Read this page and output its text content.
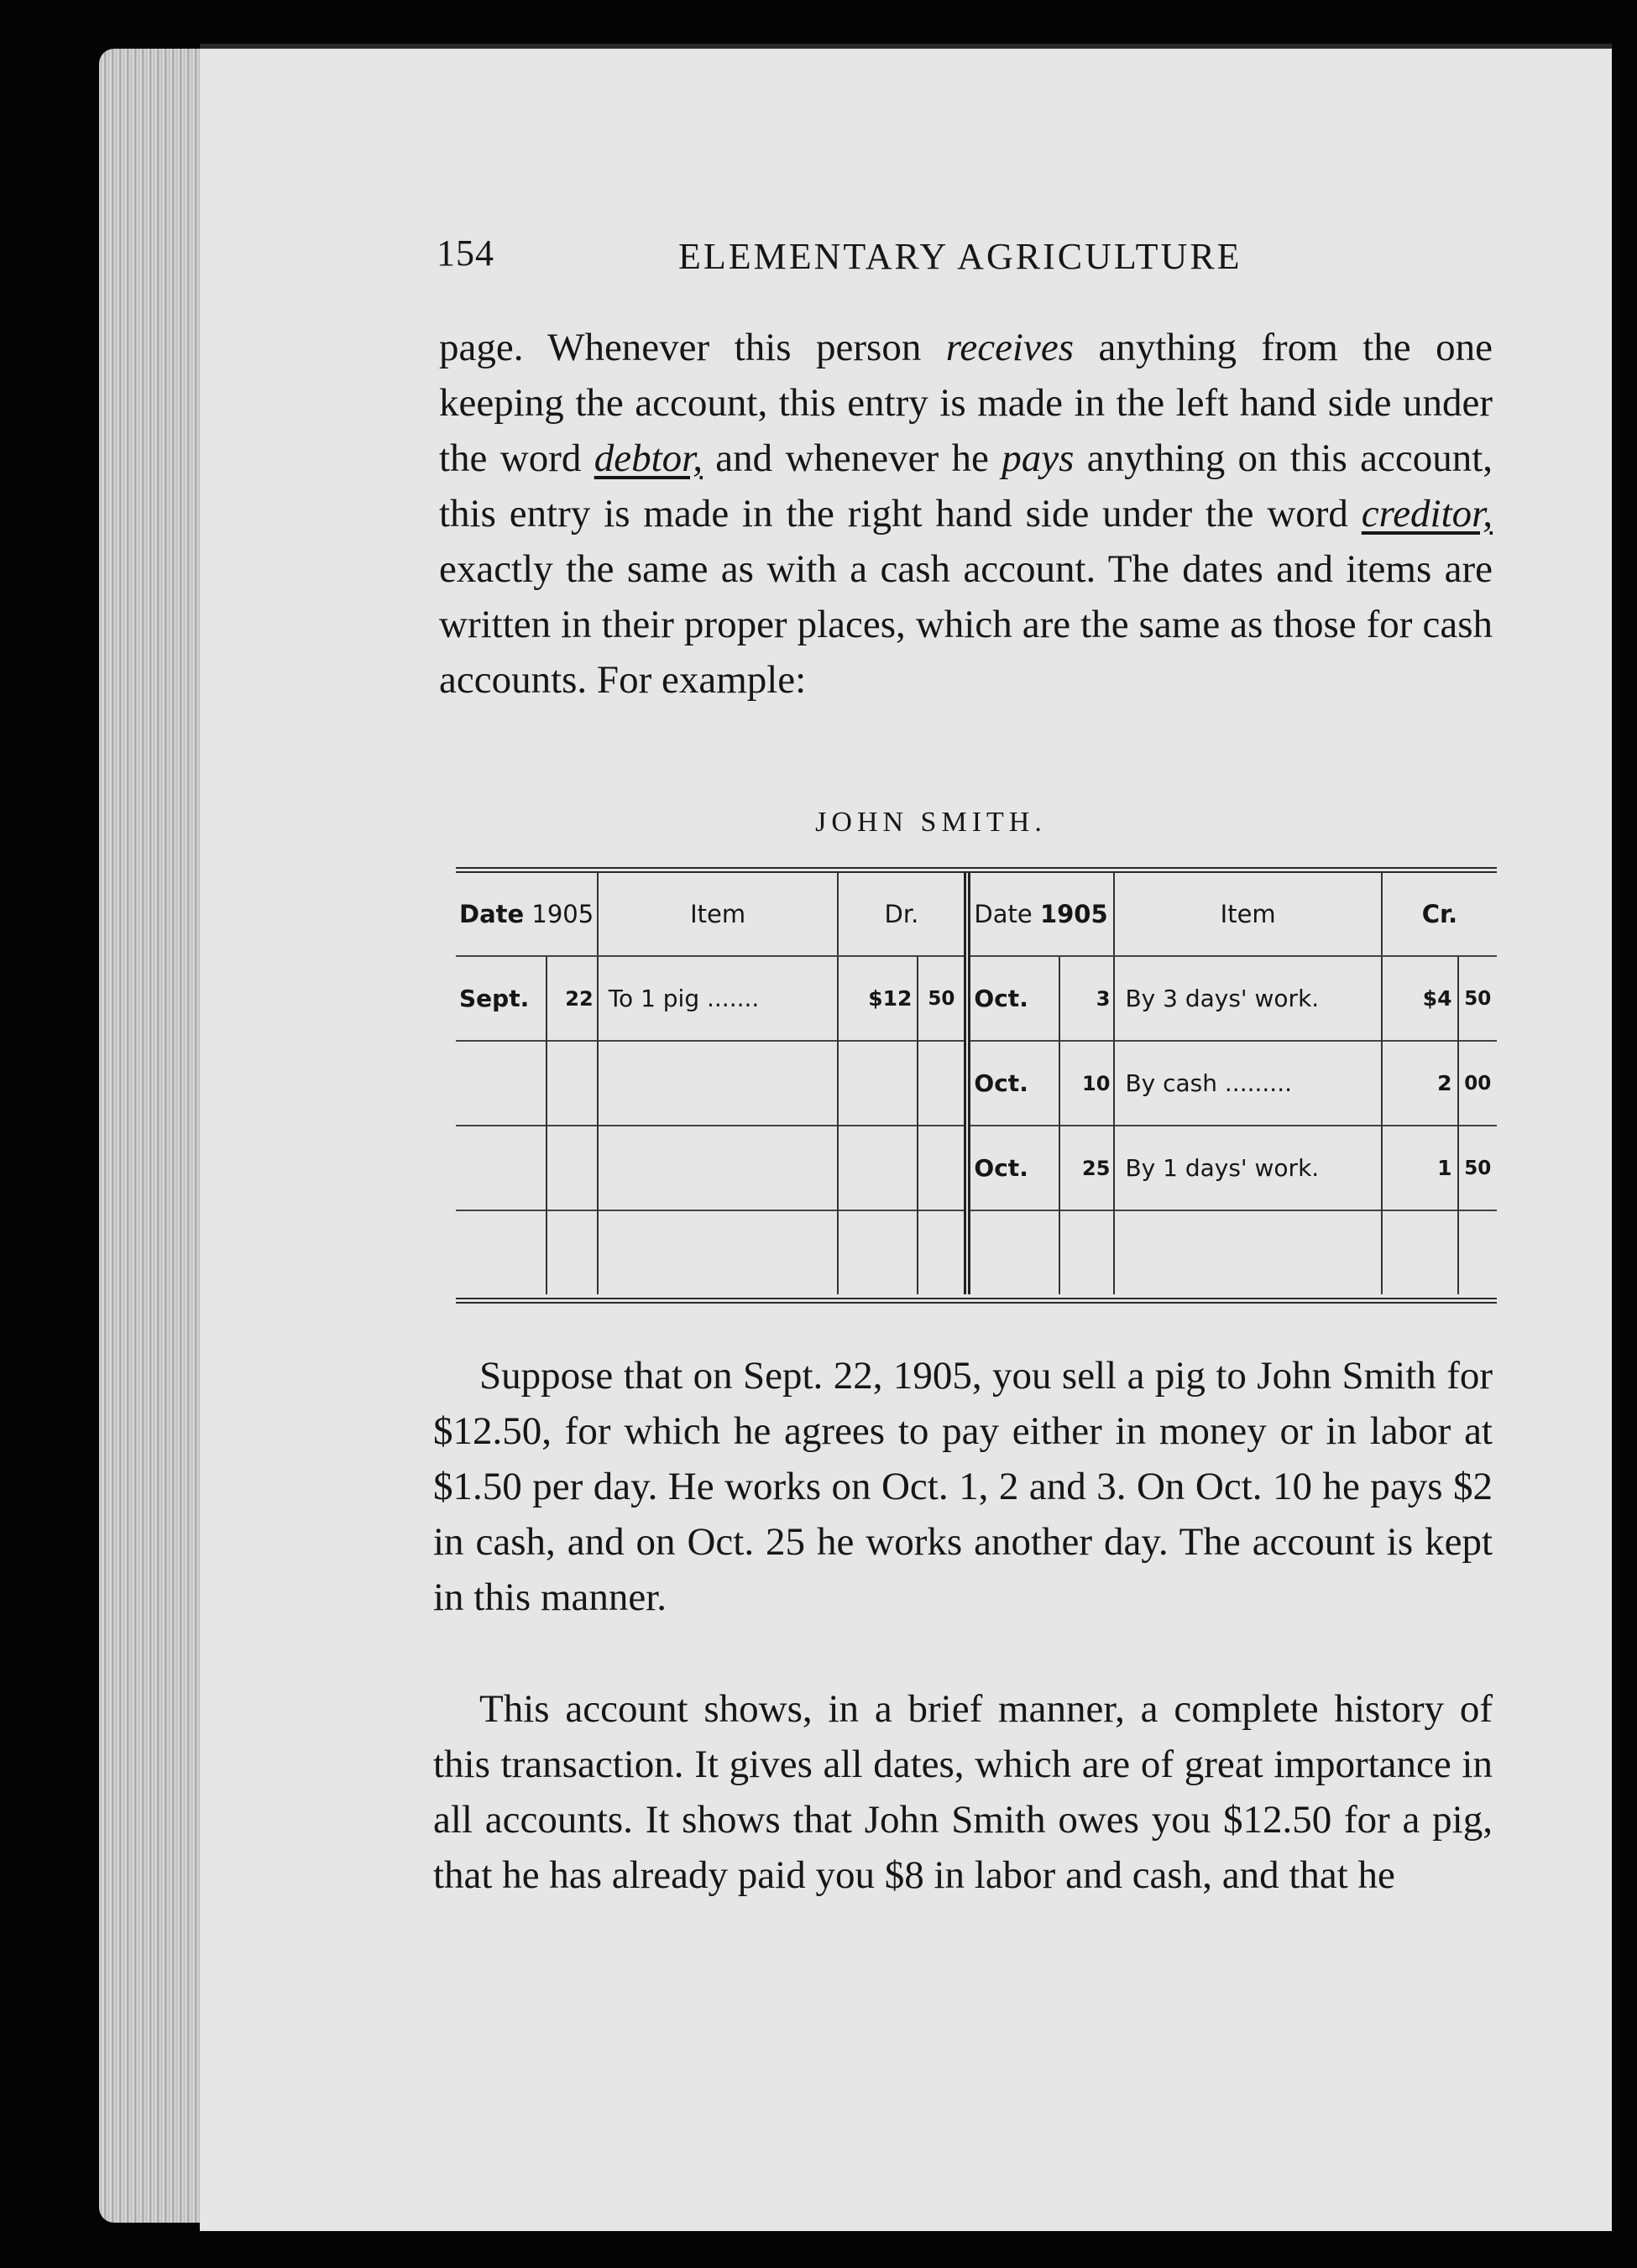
154	ELEMENTARY AGRICULTURE

page. Whenever this person receives anything from the one keeping the account, this entry is made in the left hand side under the word debtor, and whenever he pays anything on this account, this entry is made in the right hand side under the word creditor, exactly the same as with a cash account. The dates and items are written in their proper places, which are the same as those for cash accounts. For example:

JOHN SMITH.
Date 1905		Item	Dr.		Date 1905		Item	Cr.	
Sept.	22	To 1 pig .......	$12	50	Oct.	3	By 3 days' work.	$4	50
					Oct.	10	By cash .........	2	00
					Oct.	25	By 1 days' work.	1	50

Suppose that on Sept. 22, 1905, you sell a pig to John Smith for $12.50, for which he agrees to pay either in money or in labor at $1.50 per day. He works on Oct. 1, 2 and 3. On Oct. 10 he pays $2 in cash, and on Oct. 25 he works another day. The account is kept in this manner.

This account shows, in a brief manner, a complete history of this transaction. It gives all dates, which are of great importance in all accounts. It shows that John Smith owes you $12.50 for a pig, that he has already paid you $8 in labor and cash, and that he
